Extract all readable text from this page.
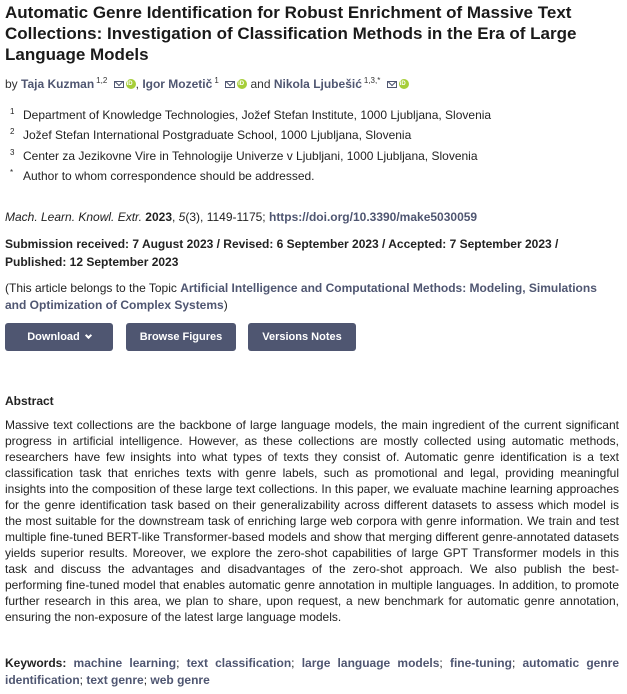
Automatic Genre Identification for Robust Enrichment of Massive Text Collections: Investigation of Classification Methods in the Era of Large Language Models
by Taja Kuzman $^{1,2}$ iD , Igor Mozetič $^1$ iD	and Nikola Ljubešić $^{1,3,*}$ iD
1 Department of Knowledge Technologies, Jožef Stefan Institute, 1000 Ljubljana, Slovenia
2 Jožef Stefan International Postgraduate School, 1000 Ljubljana, Slovenia
3 Center za Jezikovne Vire in Tehnologije Univerze v Ljubljani, 1000 Ljubljana, Slovenia
* Author to whom correspondence should be addressed.
Mach. Learn. Knowl. Extr. 2023, 5(3), 1149-1175; https://doi.org/10.3390/make5030059
Submission received: 7 August 2023 / Revised: 6 September 2023 / Accepted: 7 September 2023 / Published: 12 September 2023
(This article belongs to the Topic Artificial Intelligence and Computational Methods: Modeling, Simulations and Optimization of Complex Systems)
Download	Browse Figures	Versions Notes
Abstract

Massive text collections are the backbone of large language models, the main ingredient of the current significant progress in artificial intelligence. However, as these collections are mostly collected using automatic methods, researchers have few insights into what types of texts they consist of. Automatic genre identification is a text classification task that enriches texts with genre labels, such as promotional and legal, providing meaningful insights into the composition of these large text collections. In this paper, we evaluate machine learning approaches for the genre identification task based on their generalizability across different datasets to assess which model is the most suitable for the downstream task of enriching large web corpora with genre information. We train and test multiple fine-tuned BERT-like Transformer-based models and show that merging different genre-annotated datasets yields superior results. Moreover, we explore the zero-shot capabilities of large GPT Transformer models in this task and discuss the advantages and disadvantages of the zero-shot approach. We also publish the best-performing fine-tuned model that enables automatic genre annotation in multiple languages. In addition, to promote further research in this area, we plan to share, upon request, a new benchmark for automatic genre annotation, ensuring the non-exposure of the latest large language models.

Keywords: machine learning; text classification; large language models; fine-tuning; automatic genre identification; text genre; web genre
